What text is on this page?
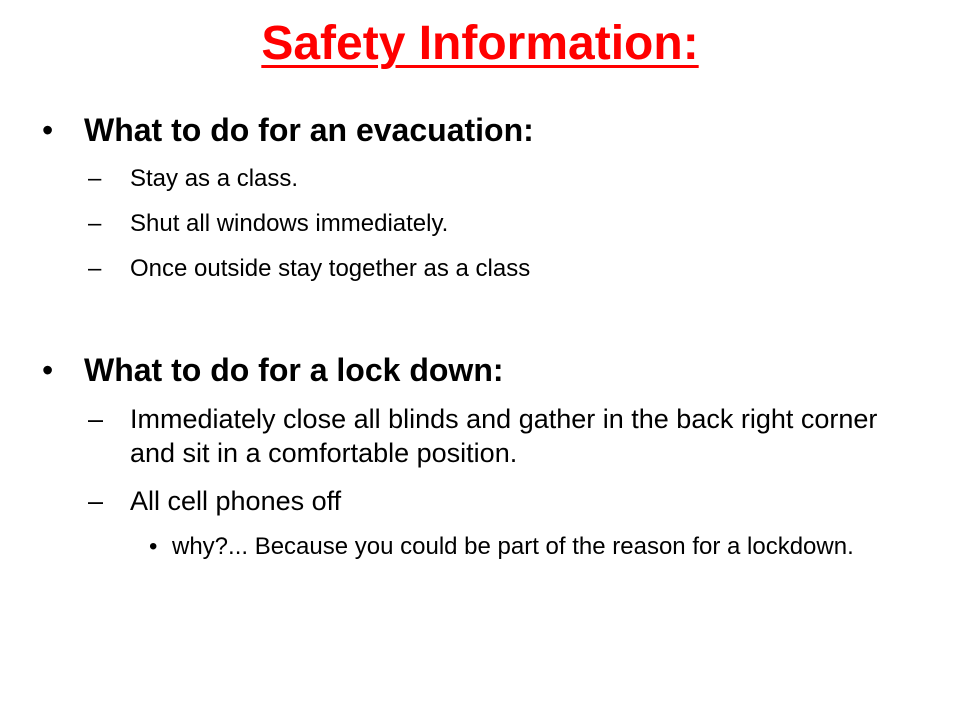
Safety Information:
• What to do for an evacuation:
– Stay as a class.
– Shut all windows immediately.
– Once outside stay together as a class
• What to do for a lock down:
– Immediately close all blinds and gather in the back right corner and sit in a comfortable position.
– All cell phones off
• why?... Because you could be part of the reason for a lockdown.
